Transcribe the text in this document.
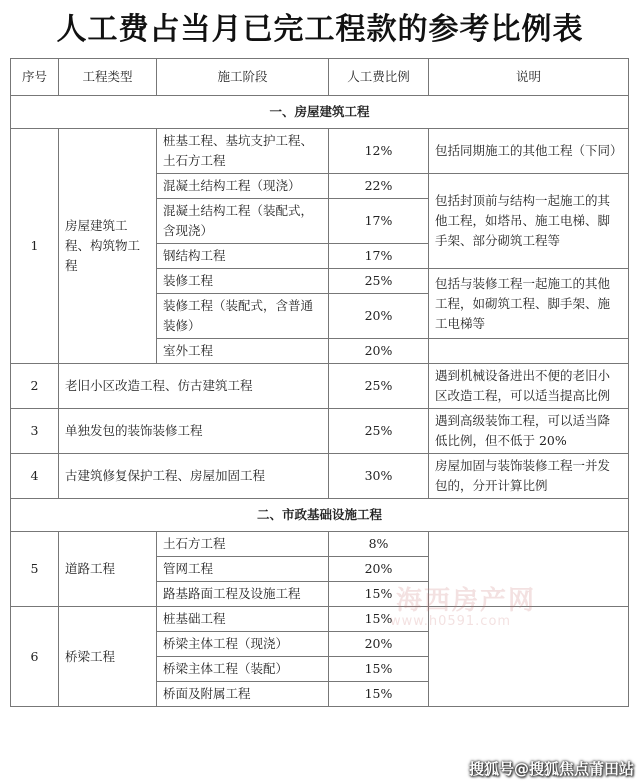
人工费占当月已完工程款的参考比例表
序号	工程类型	施工阶段	人工费比例	说明
一、房屋建筑工程				
1	房屋建筑工程、构筑物工程	桩基工程、基坑支护工程、土石方工程	12%	包括同期施工的其他工程（下同）
		混凝土结构工程（现浇）	22%	包括封顶前与结构一起施工的其他工程，如塔吊、施工电梯、脚手架、部分砌筑工程等
		混凝土结构工程（装配式，含现浇）	17%	
		钢结构工程	17%	
		装修工程	25%	包括与装修工程一起施工的其他工程，如砌筑工程、脚手架、施工电梯等
		装修工程（装配式，含普通装修）	20%	
		室外工程	20%	
2	老旧小区改造工程、仿古建筑工程		25%	遇到机械设备进出不便的老旧小区改造工程，可以适当提高比例
3	单独发包的装饰装修工程		25%	遇到高级装饰工程，可以适当降低比例，但不低于 20%
4	古建筑修复保护工程、房屋加固工程		30%	房屋加固与装饰装修工程一并发包的，分开计算比例
二、市政基础设施工程				
5	道路工程	土石方工程	8%	
		管网工程	20%	
		路基路面工程及设施工程	15%	
6	桥梁工程	桩基础工程	15%	
		桥梁主体工程（现浇）	20%	
		桥梁主体工程（装配）	15%	
		桥面及附属工程	15%	
海西房产网
www.h0591.com
搜狐号@搜狐焦点莆田站
